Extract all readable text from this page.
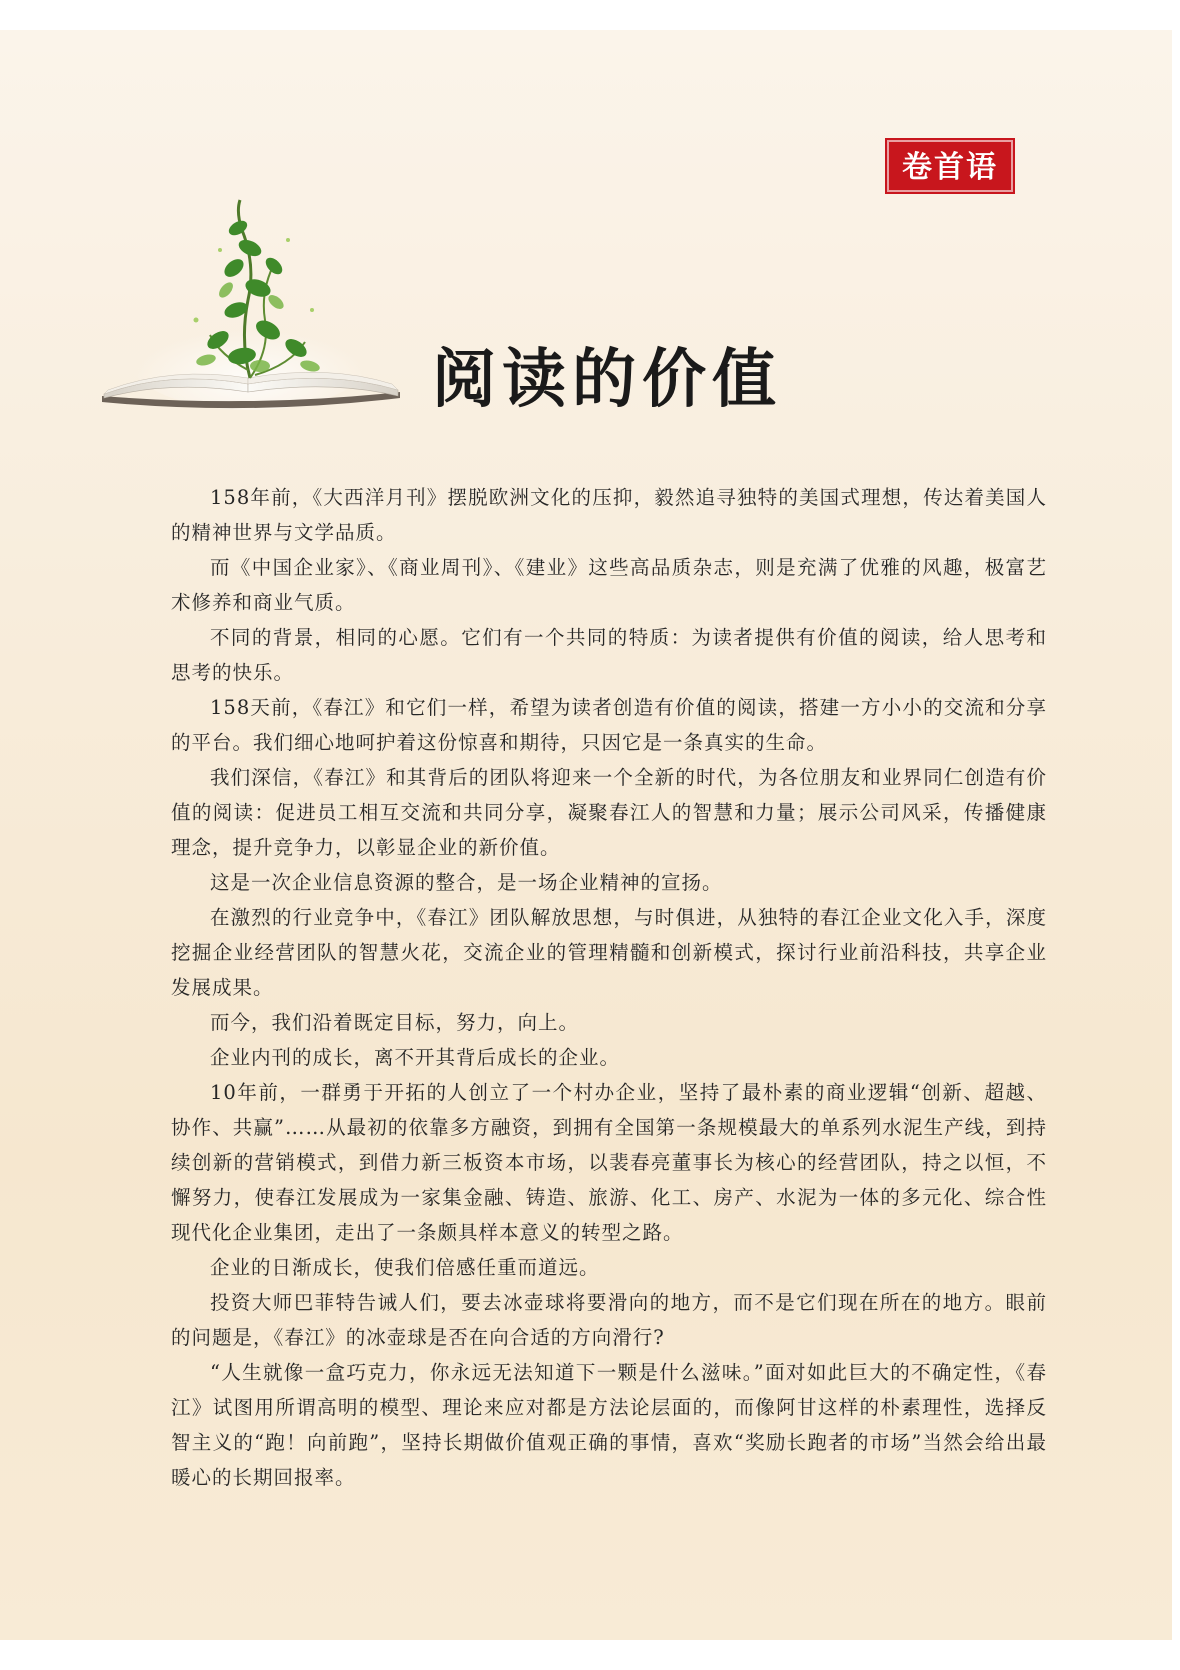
卷首语
阅读的价值

158年前，《大西洋月刊》摆脱欧洲文化的压抑，毅然追寻独特的美国式理想，传达着美国人的精神世界与文学品质。

而《中国企业家》、《商业周刊》、《建业》这些高品质杂志，则是充满了优雅的风趣，极富艺术修养和商业气质。

不同的背景，相同的心愿。它们有一个共同的特质：为读者提供有价值的阅读，给人思考和思考的快乐。

158天前，《春江》和它们一样，希望为读者创造有价值的阅读，搭建一方小小的交流和分享的平台。我们细心地呵护着这份惊喜和期待，只因它是一条真实的生命。

我们深信，《春江》和其背后的团队将迎来一个全新的时代，为各位朋友和业界同仁创造有价值的阅读：促进员工相互交流和共同分享，凝聚春江人的智慧和力量；展示公司风采，传播健康理念，提升竞争力，以彰显企业的新价值。

这是一次企业信息资源的整合，是一场企业精神的宣扬。

在激烈的行业竞争中，《春江》团队解放思想，与时俱进，从独特的春江企业文化入手，深度挖掘企业经营团队的智慧火花，交流企业的管理精髓和创新模式，探讨行业前沿科技，共享企业发展成果。

而今，我们沿着既定目标，努力，向上。

企业内刊的成长，离不开其背后成长的企业。

10年前，一群勇于开拓的人创立了一个村办企业，坚持了最朴素的商业逻辑“创新、超越、协作、共赢”……从最初的依靠多方融资，到拥有全国第一条规模最大的单系列水泥生产线，到持续创新的营销模式，到借力新三板资本市场，以裴春亮董事长为核心的经营团队，持之以恒，不懈努力，使春江发展成为一家集金融、铸造、旅游、化工、房产、水泥为一体的多元化、综合性现代化企业集团，走出了一条颇具样本意义的转型之路。

企业的日渐成长，使我们倍感任重而道远。

投资大师巴菲特告诫人们，要去冰壶球将要滑向的地方，而不是它们现在所在的地方。眼前的问题是，《春江》的冰壶球是否在向合适的方向滑行?

“人生就像一盒巧克力，你永远无法知道下一颗是什么滋味。”面对如此巨大的不确定性，《春江》试图用所谓高明的模型、理论来应对都是方法论层面的，而像阿甘这样的朴素理性，选择反智主义的“跑！向前跑”，坚持长期做价值观正确的事情，喜欢“奖励长跑者的市场”当然会给出最暖心的长期回报率。
